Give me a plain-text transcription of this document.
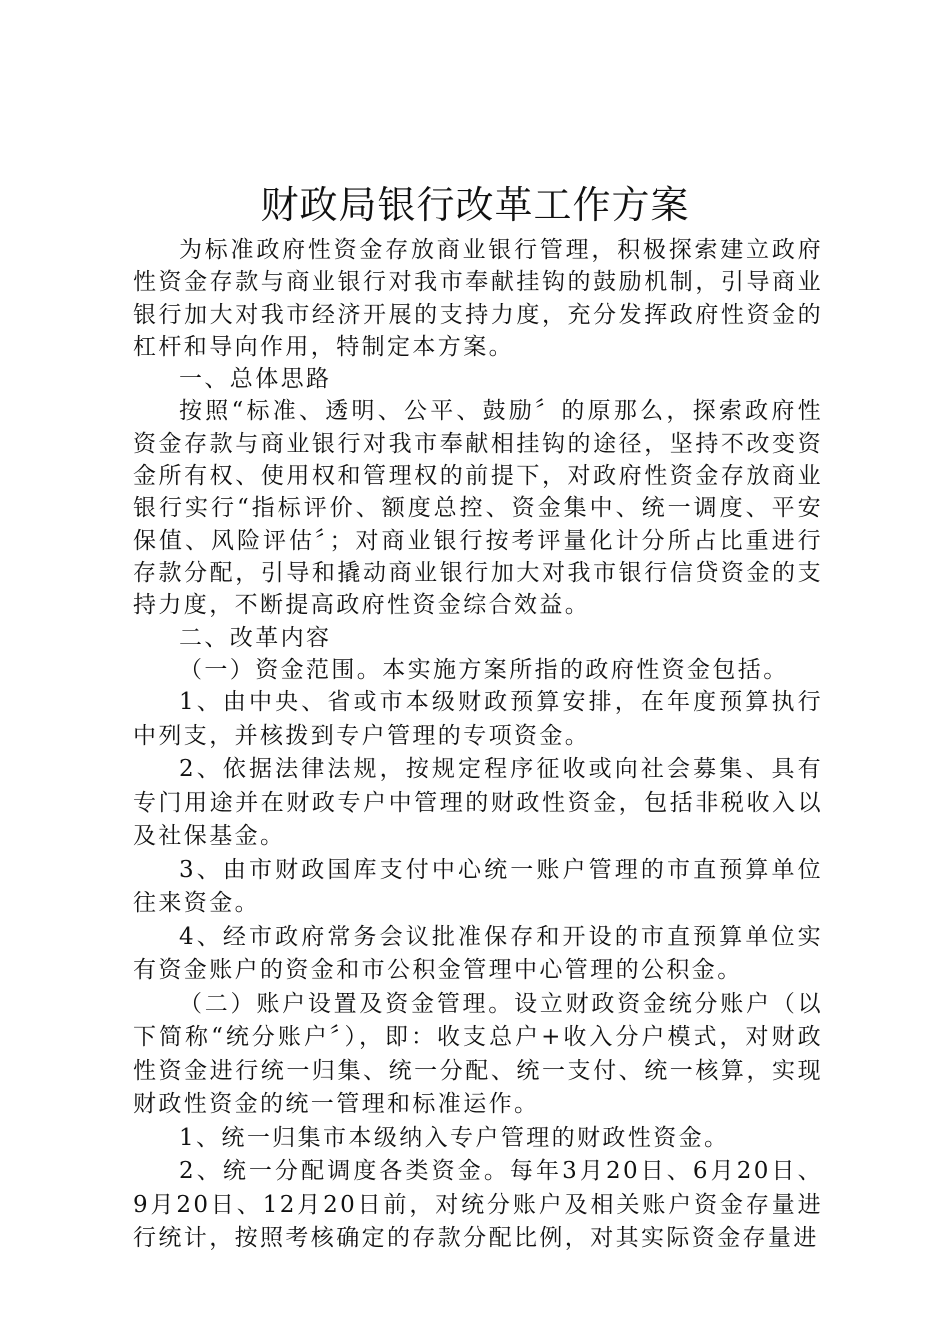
财政局银行改革工作方案

为标准政府性资金存放商业银行管理，积极探索建立政府性资金存款与商业银行对我市奉献挂钩的鼓励机制，引导商业银行加大对我市经济开展的支持力度，充分发挥政府性资金的杠杆和导向作用，特制定本方案。

一、总体思路

按照“标准、透明、公平、鼓励〞的原那么，探索政府性资金存款与商业银行对我市奉献相挂钩的途径，坚持不改变资金所有权、使用权和管理权的前提下，对政府性资金存放商业银行实行“指标评价、额度总控、资金集中、统一调度、平安保值、风险评估〞；对商业银行按考评量化计分所占比重进行存款分配，引导和撬动商业银行加大对我市银行信贷资金的支持力度，不断提高政府性资金综合效益。

二、改革内容

（一）资金范围。本实施方案所指的政府性资金包括。

1、由中央、省或市本级财政预算安排，在年度预算执行中列支，并核拨到专户管理的专项资金。

2、依据法律法规，按规定程序征收或向社会募集、具有专门用途并在财政专户中管理的财政性资金，包括非税收入以及社保基金。

3、由市财政国库支付中心统一账户管理的市直预算单位往来资金。

4、经市政府常务会议批准保存和开设的市直预算单位实有资金账户的资金和市公积金管理中心管理的公积金。

（二）账户设置及资金管理。设立财政资金统分账户（以下简称“统分账户〞），即：收支总户+收入分户模式，对财政性资金进行统一归集、统一分配、统一支付、统一核算，实现财政性资金的统一管理和标准运作。

1、统一归集市本级纳入专户管理的财政性资金。

2、统一分配调度各类资金。每年3月20日、6月20日、9月20日、12月20日前，对统分账户及相关账户资金存量进行统计，按照考核确定的存款分配比例，对其实际资金存量进
